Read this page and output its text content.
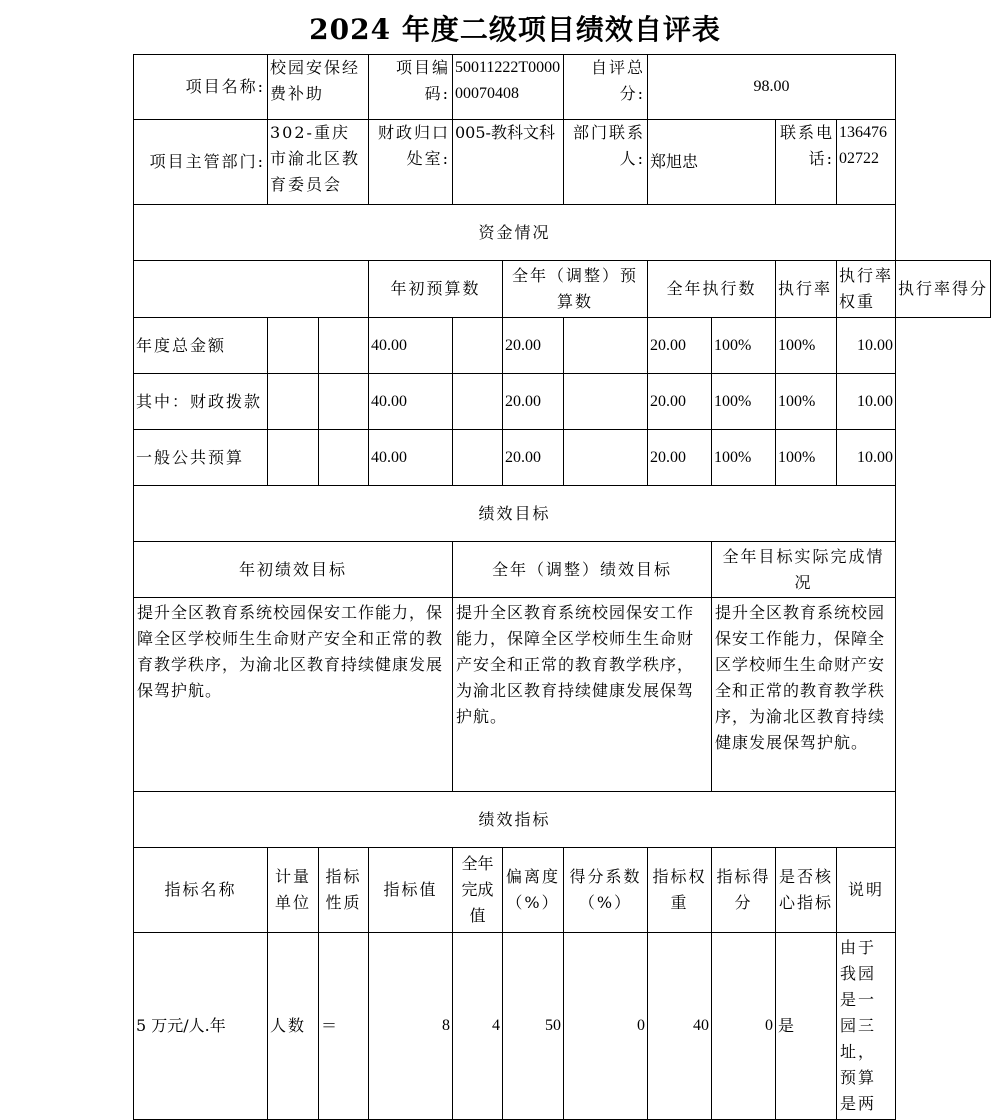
2024 年度二级项目绩效自评表
项目名称:	校园安保经费补助		项目编码:	50011222T000000070408		自评总分:	98.00				
项目主管部门:	302-重庆市渝北区教育委员会		财政归口处室:	005-教科文科		部门联系人:	郑旭忠		联系电话:	13647602722	
资金情况											
			年初预算数		全年（调整）预算数		全年执行数		执行率	执行率权重	执行率得分
年度总金额			40.00		20.00		20.00	100%	100%	10.00	
其中：财政拨款			40.00		20.00		20.00	100%	100%	10.00	
一般公共预算			40.00		20.00		20.00	100%	100%	10.00	
绩效目标											
年初绩效目标				全年（调整）绩效目标				全年目标实际完成情况			
提升全区教育系统校园保安工作能力，保障全区学校师生生命财产安全和正常的教育教学秩序，为渝北区教育持续健康发展保驾护航。				提升全区教育系统校园保安工作能力，保障全区学校师生生命财产安全和正常的教育教学秩序，为渝北区教育持续健康发展保驾护航。				提升全区教育系统校园保安工作能力，保障全区学校师生生命财产安全和正常的教育教学秩序，为渝北区教育持续健康发展保驾护航。			
绩效指标											
指标名称	计量单位	指标性质	指标值	全年完成值	偏离度（%）	得分系数（%）	指标权重	指标得分	是否核心指标	说明	
5 万元/人.年	人数	＝	8	4	50	0	40	0	是	由于我园是一园三址，预算是两	
